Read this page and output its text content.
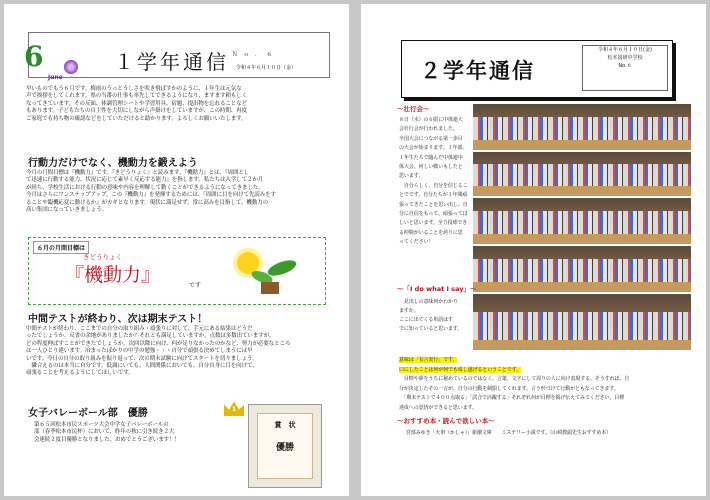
6
June
１学年通信 Ｎｏ．６
令和４年６月１０日（金）

早いものでもう６月です。梅雨のうっとうしさを吹き飛ばすかのように、１年生は元気な

声で挨拶をしてくれます。県の当番の仕事も率先してできるようになり、ますます頼もしく

なってきています。その反面、体調管理シートや学習用具、宿題、提出物を忘れることなど

もあります。子どもたちの自主性を大切にしながら声掛けをしていますが、この時期、再度

ご家庭でも持ち物の確認などをしていただけると助かります。よろしくお願いいたします。

行動力だけでなく、機動力を鍛えよう

今月の月間目標は『機動力』です。『きどうりょく』と読みます。『機動力』とは、『周囲とし

て迅速に行動する能力、状況に応じて素早く反応する能力』を指します。私たちは入学して２か月

が経ち、学校生活における行動の意味や内容を理解して動くことができるようになってきました。

今月はさらにワンステップアップ。この『機動力』を発揮するためには、『周囲に目を向けて先読みをす

ることや臨機応変に動けるか』がカギとなります。現状に満足せず、常に高みを目指して、機動力の

高い集団になっていきましょう。

６月の月間目標は
きどうりょく
『機動力』	です
中間テストが終わり、次は期末テスト！

中間テストが終わり、ここまでの自分の取り組み・頑張りに対して、手元にある結果はどうだ

ったでしょうか。反省の余地がありましたか？それとも満足していますか。点数は多数出ていますが、

どの程度伸ばすことができたでしょうか。次回以降に向け、何が足りなかったのかなど、努力が必要なところ

は一人ひとり違います。冶まったばかりの中学の勉強・・・自分で頑張る決めてしまうには早

いです。今日の自分の取り組みを振り返って、次の期末試験に向けてスタートを切りましょう。

　隣合えるのは本当に自分です。低調にいても、人間関係においても、自分自身に目を向けて、

頑張ることを考えるようにしてほしいです。

女子バレーボール部　優勝	1

第６５回松本市民スポーツ大会中学女子バレーボールの

部（春季松本市民杯）において、昨年の秋に引き続き２大

会連続２度目優勝となりました。おめでとうございます！！

賞　状
優勝
２学年通信
令和４年６月１０日(金)
松本国研中学校
No.６
〜壮行会〜

８日（水）の６限に中体連大

会壮行会が行われました。

全国大会につながる第一歩目

の大会が始まります。１年部、

１年生たちで臨んだ中体連中

体大会、何しい戦いもしたと

思います。

　自分らしく、自分を信じるこ

とでです。自分たちが１年間頑

張ってきたことを思い出し、自

分に自信をもって、頑張ってほ

しいと思います。全力投球でき

る仲間がいることを誇りに思

ってください！

〜「I do what I say」〜

　見出しの意味何かわかり

ますか。

ここに出てくる単語はす

でに知っていると思います。

意味は「有言実行」です。

口にしたことは何が何でも成し遂げるということです。

　目標や夢をうちに秘めているのではなく、言葉、文字にして周りの人に向け表現する。そうすれば、自

分が決定したその一言が、自分の行動を制限してくれます。言う形づけて行動がともなってきます。

　「期末テストで４００点取る」「試合で活躍する」それぞれ何が目標を掲げ伝えてみてください。目標

達成への覚悟ができると思います。

〜おすすめ本・読んで欲しい本〜
　宮部みゆき「火車（かしゃ）」新潮文庫　　ミステリー小説です。（山崎教頭先生おすすめ本）
